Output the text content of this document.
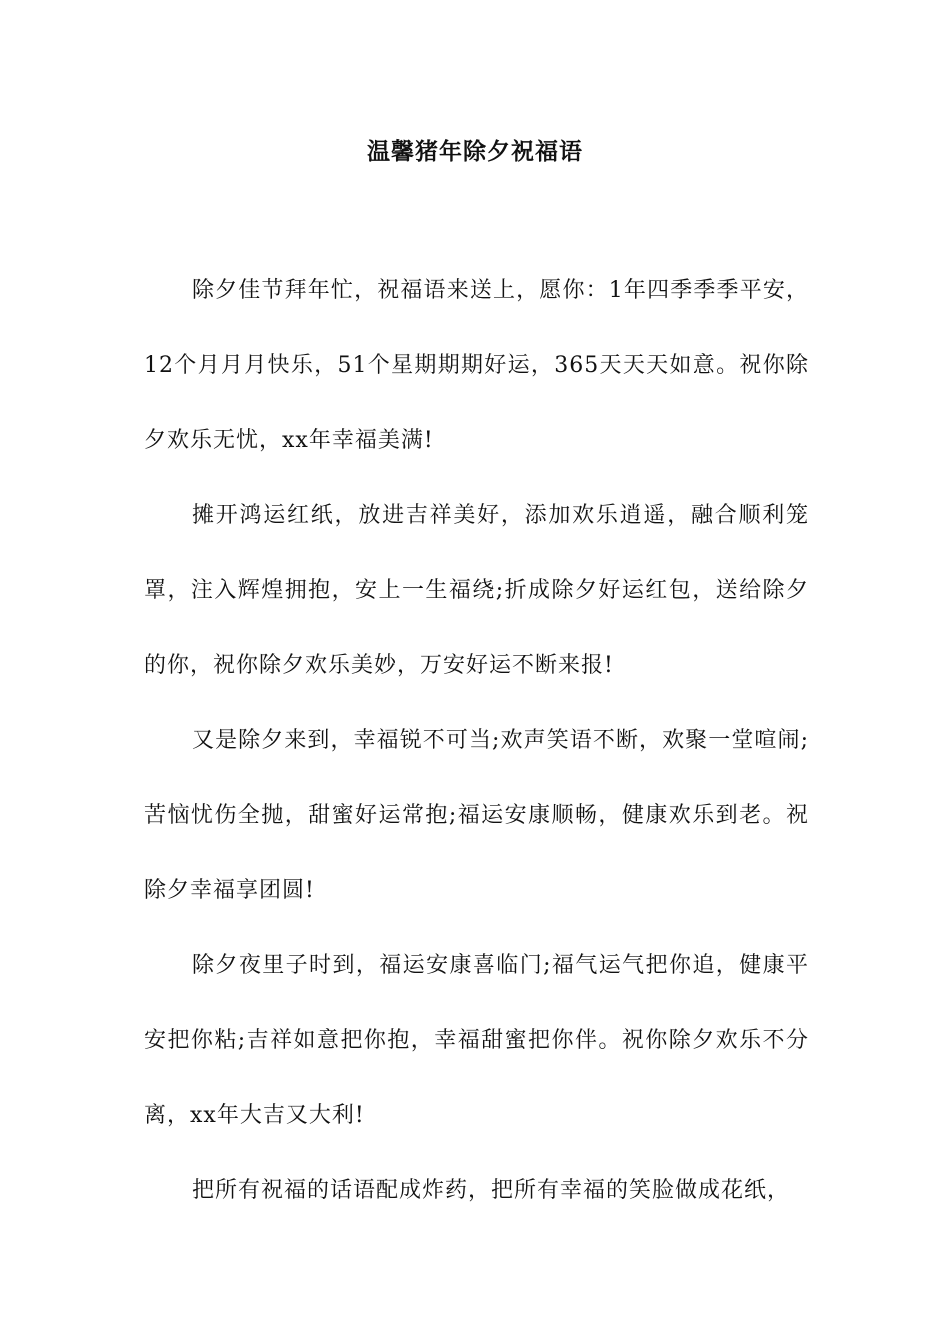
温馨猪年除夕祝福语

除夕佳节拜年忙，祝福语来送上，愿你：1年四季季季平安，12个月月月快乐，51个星期期期好运，365天天天如意。祝你除夕欢乐无忧，xx年幸福美满!

摊开鸿运红纸，放进吉祥美好，添加欢乐逍遥，融合顺利笼罩，注入辉煌拥抱，安上一生福绕;折成除夕好运红包，送给除夕的你，祝你除夕欢乐美妙，万安好运不断来报!

又是除夕来到，幸福锐不可当;欢声笑语不断，欢聚一堂喧闹;苦恼忧伤全抛，甜蜜好运常抱;福运安康顺畅，健康欢乐到老。祝除夕幸福享团圆!

除夕夜里子时到，福运安康喜临门;福气运气把你追，健康平安把你粘;吉祥如意把你抱，幸福甜蜜把你伴。祝你除夕欢乐不分离，xx年大吉又大利!

把所有祝福的话语配成炸药，把所有幸福的笑脸做成花纸，
